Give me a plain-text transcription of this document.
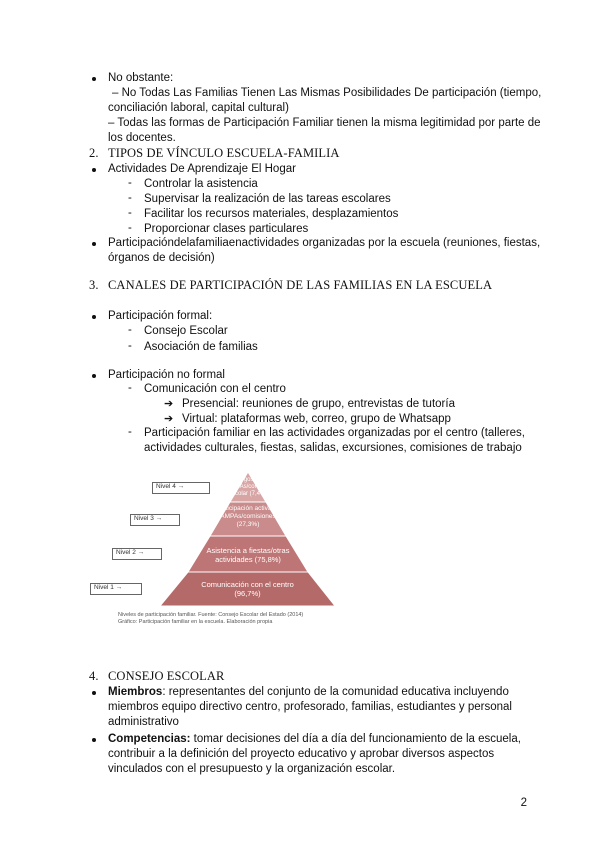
No obstante:
– No Todas Las Familias Tienen Las Mismas Posibilidades De participación (tiempo,
conciliación laboral, capital cultural)
– Todas las formas de Participación Familiar tienen la misma legitimidad por parte de
los docentes.
2. TIPOS DE VÍNCULO ESCUELA-FAMILIA
Actividades De Aprendizaje El Hogar
- Controlar la asistencia
- Supervisar la realización de las tareas escolares
- Facilitar los recursos materiales, desplazamientos
- Proporcionar clases particulares
Participacióndelafamiliaenactividades organizadas por la escuela (reuniones, fiestas,
órganos de decisión)
3. CANALES DE PARTICIPACIÓN DE LAS FAMILIAS EN LA ESCUELA
Participación formal:
- Consejo Escolar
- Asociación de familias
Participación no formal
- Comunicación con el centro
➔ Presencial: reuniones de grupo, entrevistas de tutoría
➔ Virtual: plataformas web, correo, grupo de Whatsapp
- Participación familiar en las actividades organizadas por el centro (talleres,
actividades culturales, fiestas, salidas, excursiones, comisiones de trabajo
Nivel 4 →
Nivel 3 →
Nivel 2 →
Nivel 1 →
Cargos en
AMPAs/consejo
escolar (7,4%)
Participación activa en
AMPAs/comisiones
(27,3%)
Asistencia a fiestas/otras
actividades (75,8%)
Comunicación con el centro
(96,7%)
Niveles de participación familiar. Fuente: Consejo Escolar del Estado (2014)
Gráfico: Participación familiar en la escuela. Elaboración propia
4. CONSEJO ESCOLAR
Miembros: representantes del conjunto de la comunidad educativa incluyendo
miembros equipo directivo centro, profesorado, familias, estudiantes y personal
administrativo
Competencias: tomar decisiones del día a día del funcionamiento de la escuela,
contribuir a la definición del proyecto educativo y aprobar diversos aspectos
vinculados con el presupuesto y la organización escolar.
2
